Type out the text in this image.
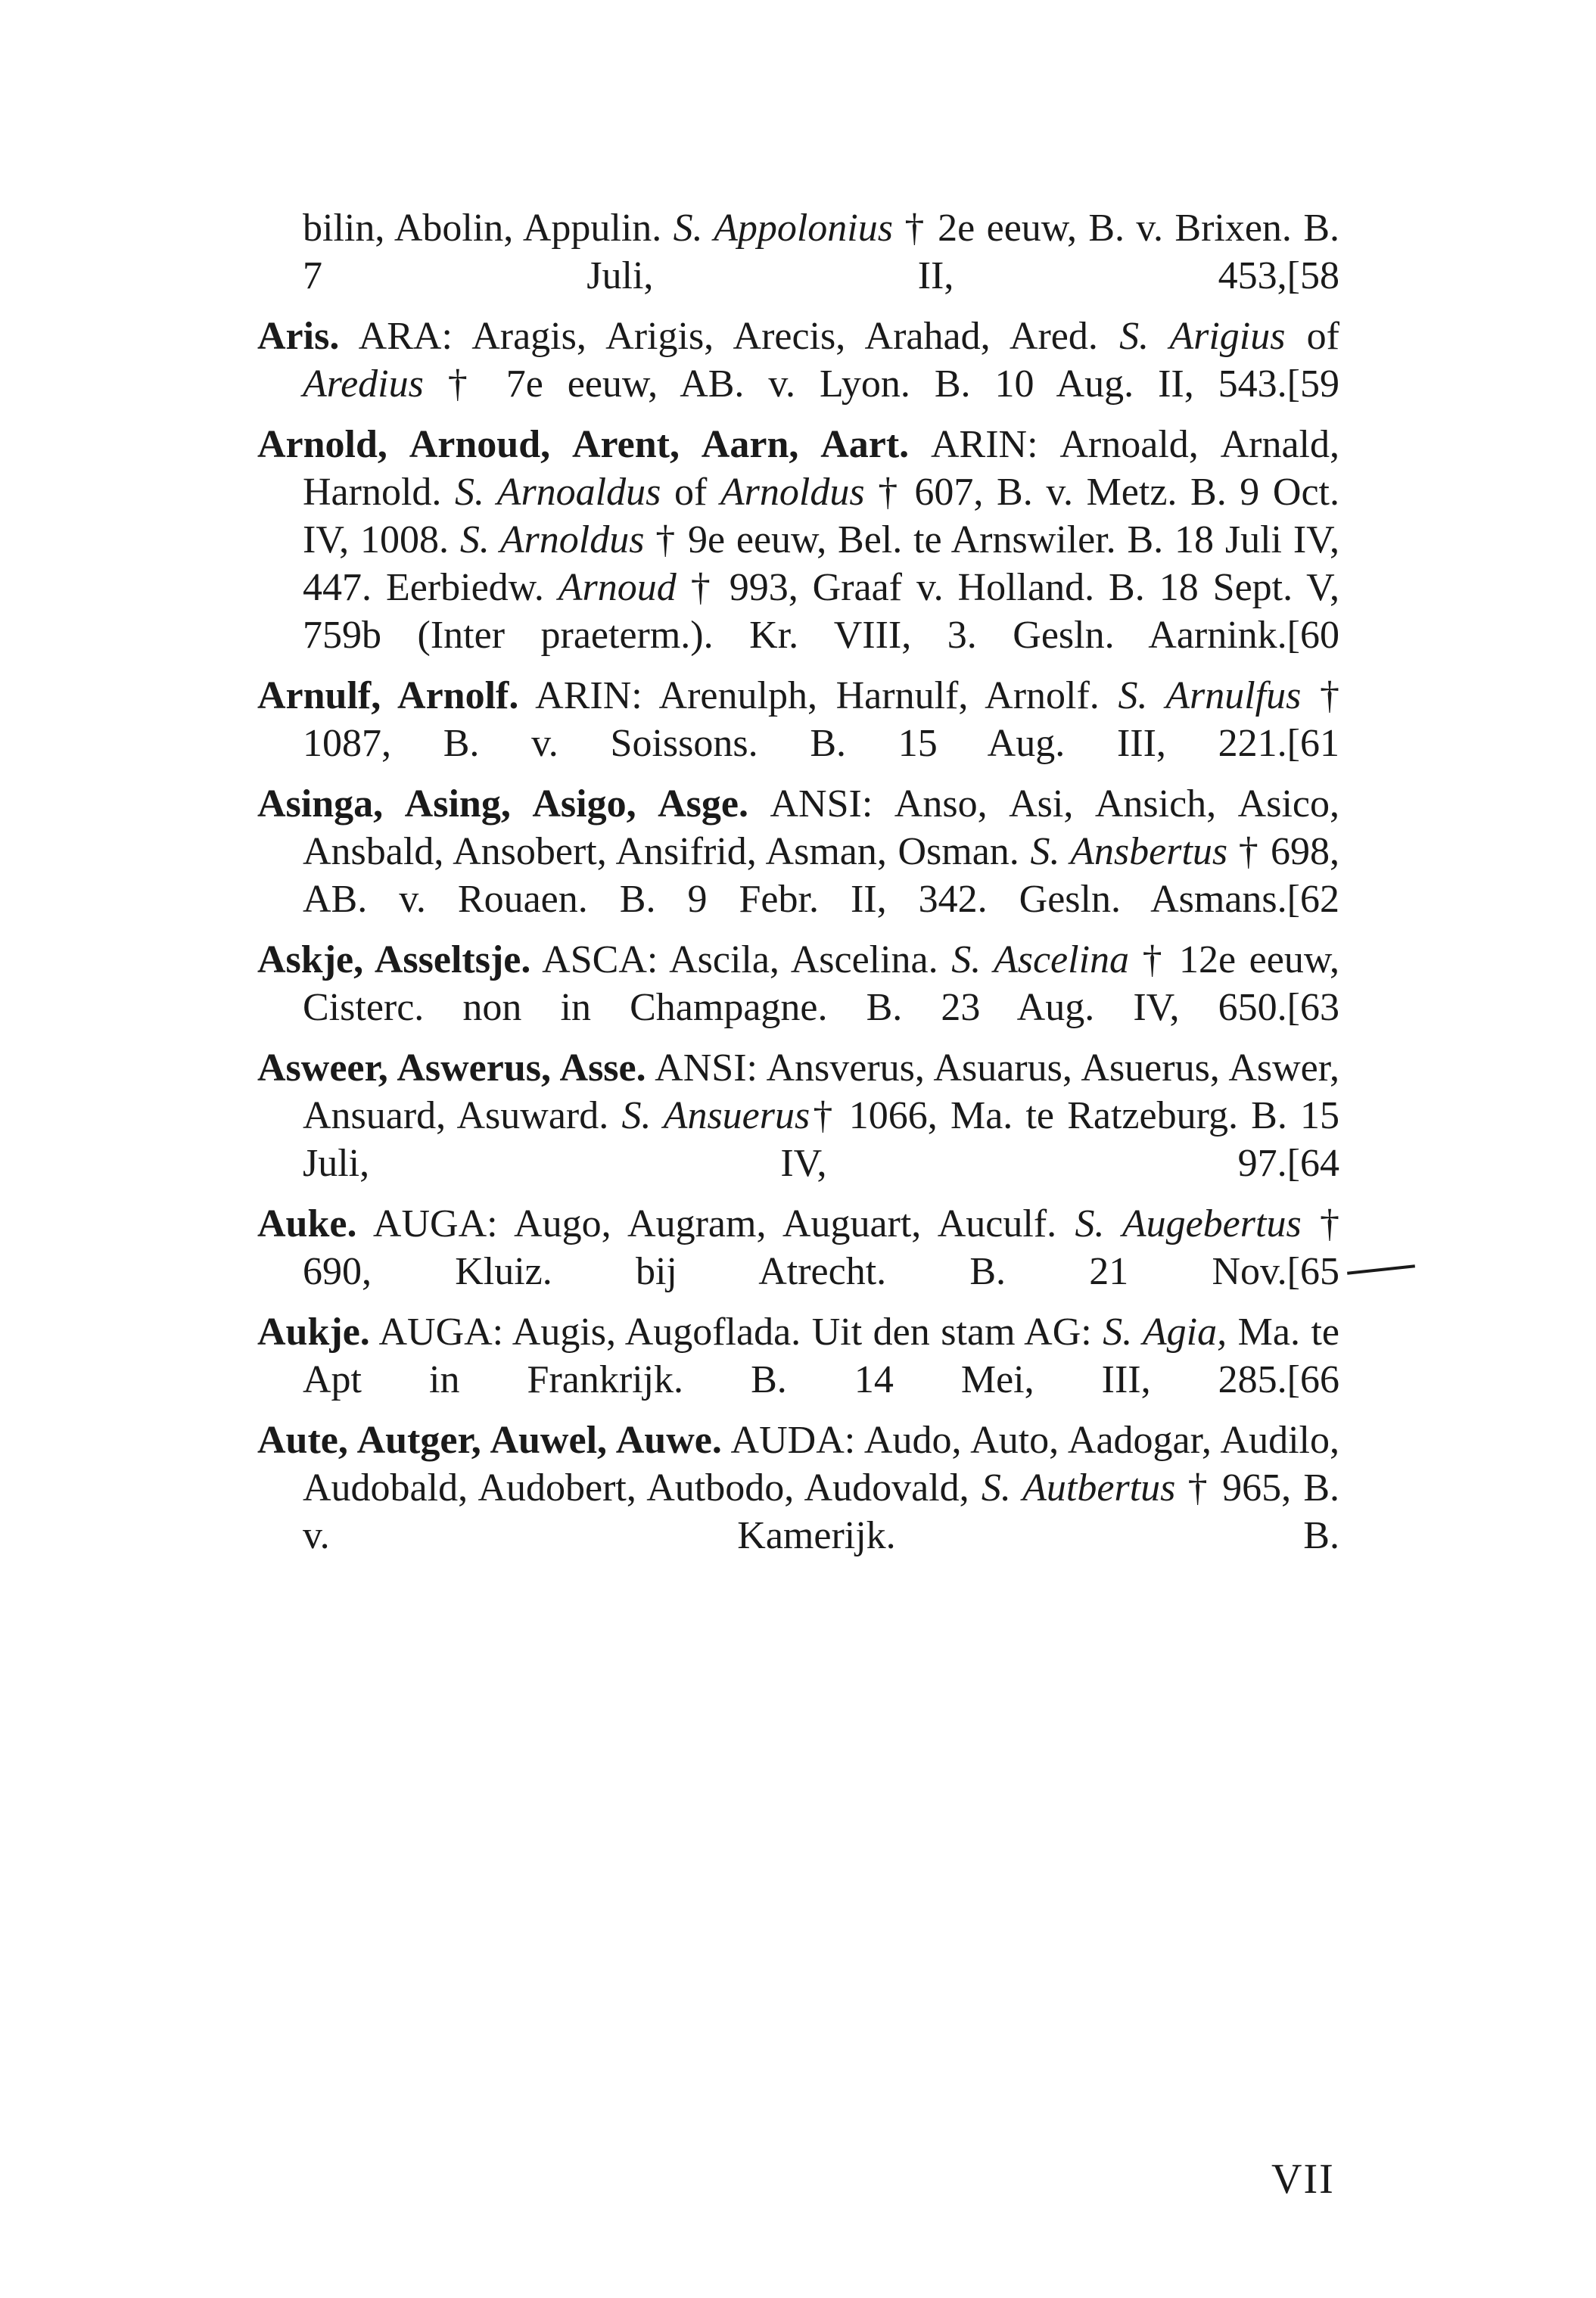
bilin, Abolin, Appulin. S. Appolonius † 2e eeuw, B. v. Brixen. B. 7 Juli, II, 453, [58

Aris. ARA: Aragis, Arigis, Arecis, Arahad, Ared. S. Arigius of Aredius † 7e eeuw, AB. v. Lyon. B. 10 Aug. II, 543. [59

Arnold, Arnoud, Arent, Aarn, Aart. ARIN: Arnoald, Arnald, Harnold. S. Arnoaldus of Arnoldus † 607, B. v. Metz. B. 9 Oct. IV, 1008. S. Arnoldus † 9e eeuw, Bel. te Arnswiler. B. 18 Juli IV, 447. Eerbiedw. Arnoud † 993, Graaf v. Holland. B. 18 Sept. V, 759b (Inter praeterm.). Kr. VIII, 3. Gesln. Aarnink. [60

Arnulf, Arnolf. ARIN: Arenulph, Harnulf, Arnolf. S. Arnulfus † 1087, B. v. Soissons. B. 15 Aug. III, 221. [61

Asinga, Asing, Asigo, Asge. ANSI: Anso, Asi, Ansich, Asico, Ansbald, Ansobert, Ansifrid, Asman, Osman. S. Ansbertus † 698, AB. v. Rouaen. B. 9 Febr. II, 342. Gesln. Asmans. [62

Askje, Asseltsje. ASCA: Ascila, Ascelina. S. Ascelina † 12e eeuw, Cisterc. non in Champagne. B. 23 Aug. IV, 650. [63

Asweer, Aswerus, Asse. ANSI: Ansverus, Asuarus, Asuerus, Aswer, Ansuard, Asuward. S. Ansuerus† 1066, Ma. te Ratzeburg. B. 15 Juli, IV, 97. [64

Auke. AUGA: Augo, Augram, Auguart, Auculf. S. Augebertus † 690, Kluiz. bij Atrecht. B. 21 Nov. [65

Aukje. AUGA: Augis, Augoflada. Uit den stam AG: S. Agia, Ma. te Apt in Frankrijk. B. 14 Mei, III, 285. [66

Aute, Autger, Auwel, Auwe. AUDA: Audo, Auto, Aadogar, Audilo, Audobald, Audobert, Autbodo, Audovald, S. Autbertus † 965, B. v. Kamerijk. B.

VII
